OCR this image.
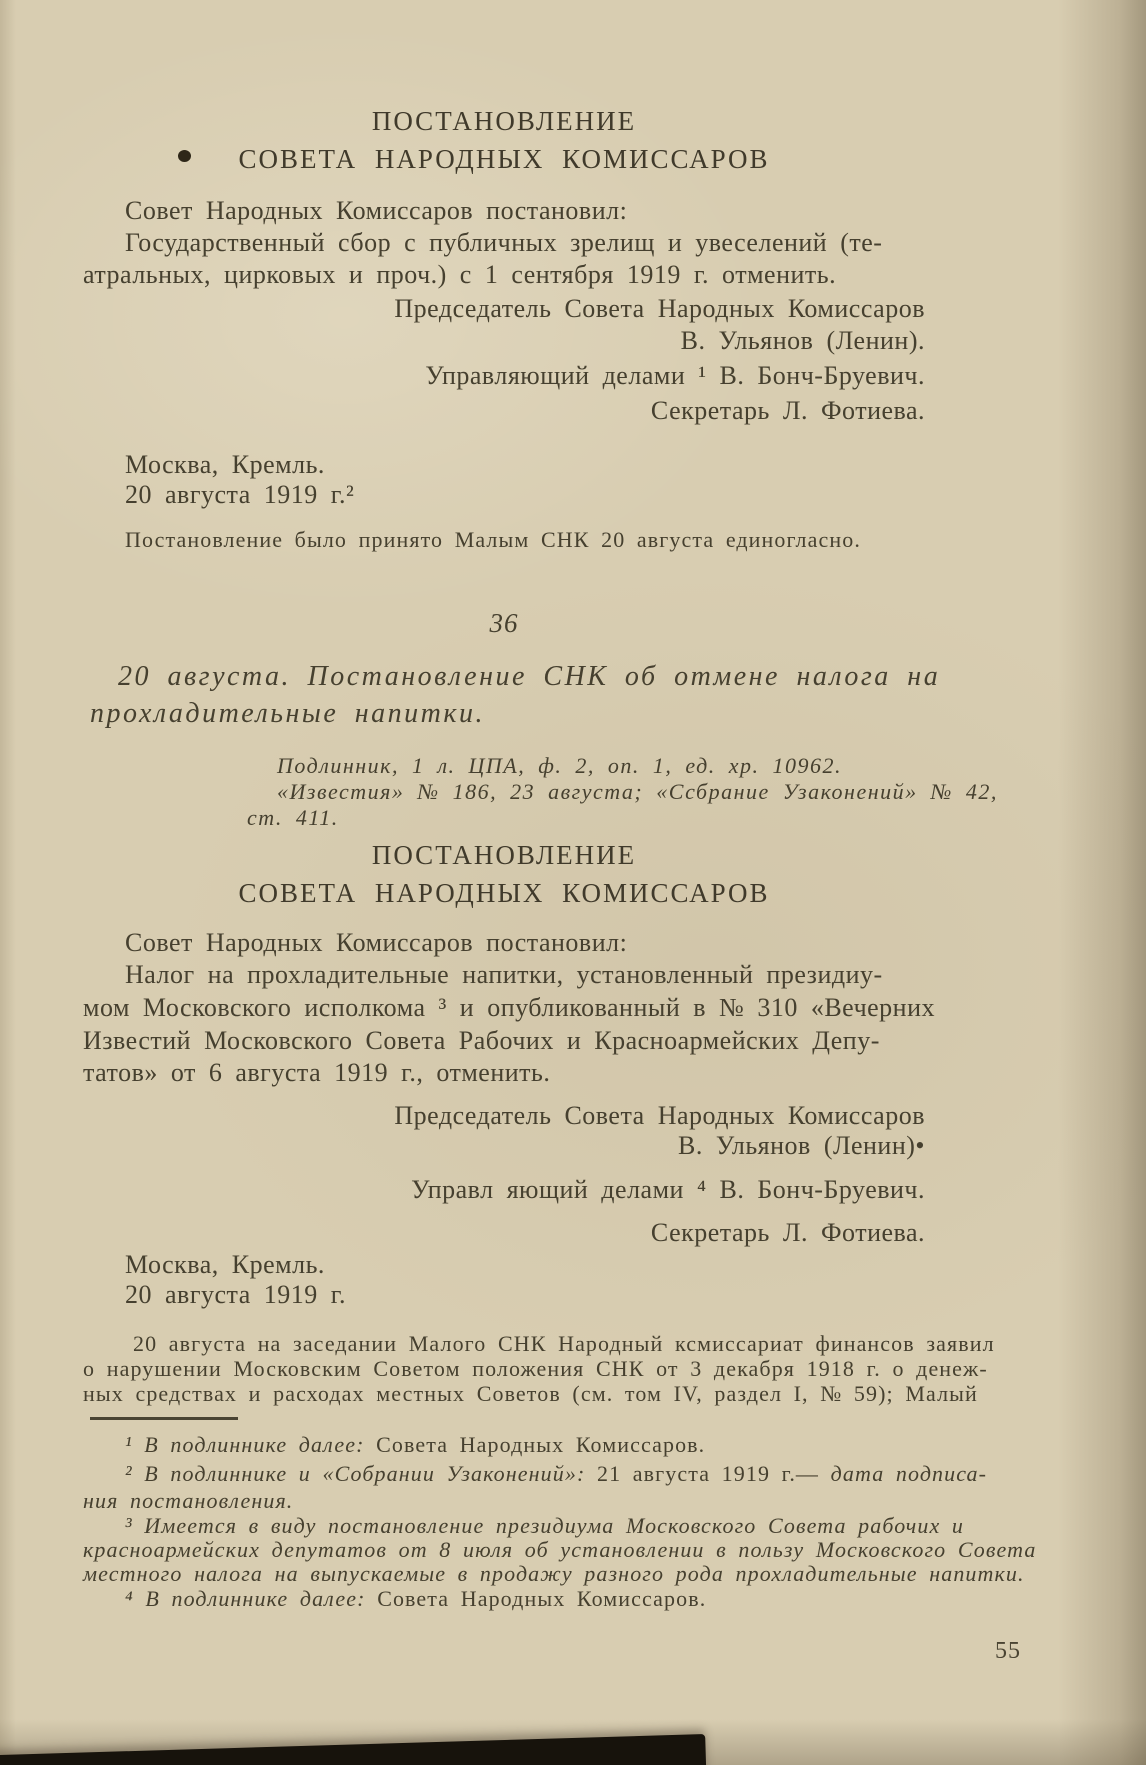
ПОСТАНОВЛЕНИЕ
СОВЕТА НАРОДНЫХ КОМИССАРОВ
Совет Народных Комиссаров постановил:
Государственный сбор с публичных зрелищ и увеселений (те-
атральных, цирковых и проч.) с 1 сентября 1919 г. отменить.
Председатель Совета Народных Комиссаров
В. Ульянов (Ленин).
Управляющий делами ¹ В. Бонч-Бруевич.
Секретарь Л. Фотиева.
Москва, Кремль.
20 августа 1919 г.²
Постановление было принято Малым СНК 20 августа единогласно.
36
20 августа. Постановление СНК об отмене налога на
прохладительные напитки.
Подлинник, 1 л. ЦПА, ф. 2, оп. 1, ед. хр. 10962.
«Известия» № 186, 23 августа; «Ссбрание Узаконений» № 42,
ст. 411.
ПОСТАНОВЛЕНИЕ
СОВЕТА НАРОДНЫХ КОМИССАРОВ
Совет Народных Комиссаров постановил:
Налог на прохладительные напитки, установленный президиу-
мом Московского исполкома ³ и опубликованный в № 310 «Вечерних
Известий Московского Совета Рабочих и Красноармейских Депу-
татов» от 6 августа 1919 г., отменить.
Председатель Совета Народных Комиссаров
В. Ульянов (Ленин)•
Управл яющий делами ⁴ В. Бонч-Бруевич.
Секретарь Л. Фотиева.
Москва, Кремль.
20 августа 1919 г.
20 августа на заседании Малого СНК Народный ксмиссариат финансов заявил
о нарушении Московским Советом положения СНК от 3 декабря 1918 г. о денеж-
ных средствах и расходах местных Советов (см. том IV, раздел I, № 59); Малый
¹ В подлиннике далее: Совета Народных Комиссаров.
² В подлиннике и «Собрании Узаконений»: 21 августа 1919 г.— дата подписа-
ния постановления.
³ Имеется в виду постановление президиума Московского Совета рабочих и
красноармейских депутатов от 8 июля об установлении в пользу Московского Совета
местного налога на выпускаемые в продажу разного рода прохладительные напитки.
⁴ В подлиннике далее: Совета Народных Комиссаров.
55
